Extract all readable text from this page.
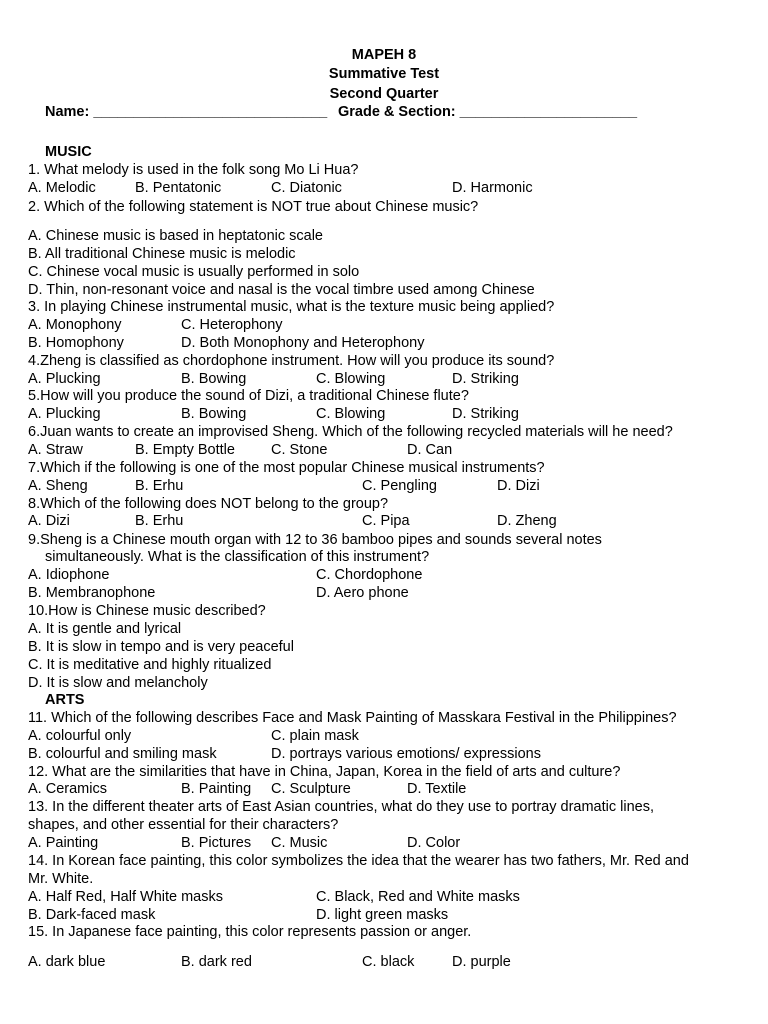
MAPEH 8
Summative Test
Second Quarter
Name: _____________________________ Grade & Section: ______________________
MUSIC
1. What melody is used in the folk song Mo Li Hua?
A. Melodic	B. Pentatonic	C. Diatonic	D. Harmonic
2. Which of the following statement is NOT true about Chinese music?
A. Chinese music is based in heptatonic scale
B. All traditional Chinese music is melodic
C. Chinese vocal music is usually performed in solo
D. Thin, non-resonant voice and nasal is the vocal timbre used among Chinese
3. In playing Chinese instrumental music, what is the texture music being applied?
A. Monophony	C. Heterophony
B. Homophony	D. Both Monophony and Heterophony
4.Zheng is classified as chordophone instrument. How will you produce its sound?
A. Plucking	B. Bowing	C. Blowing	D. Striking
5.How will you produce the sound of Dizi, a traditional Chinese flute?
A. Plucking	B. Bowing	C. Blowing	D. Striking
6.Juan wants to create an improvised Sheng. Which of the following recycled materials will he need?
A. Straw	B. Empty Bottle C. Stone	D. Can
7.Which if the following is one of the most popular Chinese musical instruments?
A. Sheng	B. Erhu	C. Pengling	D. Dizi
8.Which of the following does NOT belong to the group?
A. Dizi	B. Erhu	C. Pipa	D. Zheng
9.Sheng is a Chinese mouth organ with 12 to 36 bamboo pipes and sounds several notes
simultaneously. What is the classification of this instrument?
A. Idiophone	C. Chordophone
B. Membranophone	D. Aero phone
10.How is Chinese music described?
A. It is gentle and lyrical
B. It is slow in tempo and is very peaceful
C. It is meditative and highly ritualized
D. It is slow and melancholy
ARTS
11. Which of the following describes Face and Mask Painting of Masskara Festival in the Philippines?
A. colourful only	C. plain mask
B. colourful and smiling mask	D. portrays various emotions/ expressions
12. What are the similarities that have in China, Japan, Korea in the field of arts and culture?
A. Ceramics	B. Painting C. Sculpture	D. Textile
13. In the different theater arts of East Asian countries, what do they use to portray dramatic lines,
shapes, and other essential for their characters?
A. Painting	B. Pictures C. Music	D. Color
14. In Korean face painting, this color symbolizes the idea that the wearer has two fathers, Mr. Red and
Mr. White.
A. Half Red, Half White masks	C. Black, Red and White masks
B. Dark-faced mask	D. light green masks
15. In Japanese face painting, this color represents passion or anger.
A. dark blue	B. dark red	C. black	D. purple
